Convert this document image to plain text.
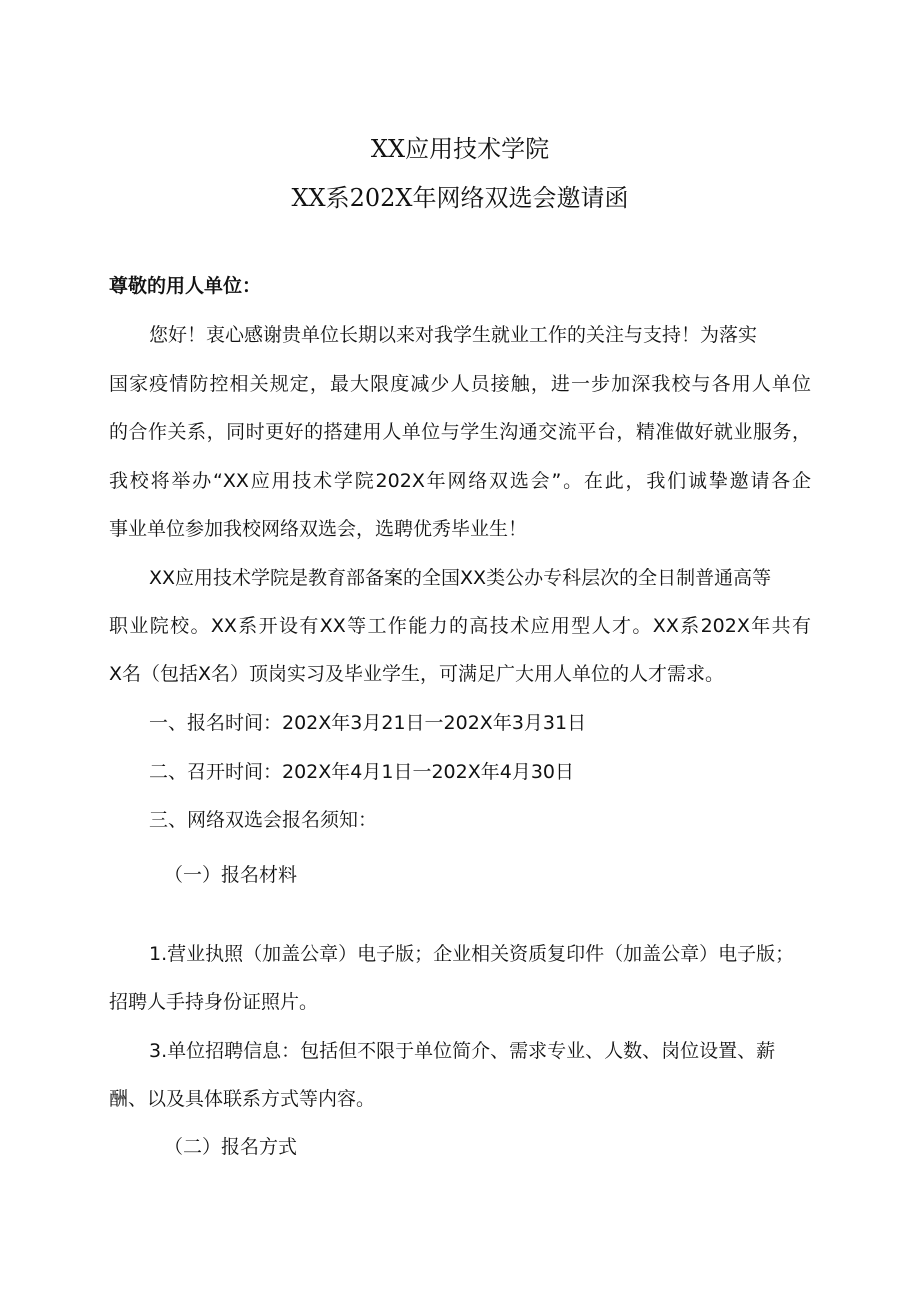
XX应用技术学院
XX系202X年网络双选会邀请函
尊敬的用人单位：
您好！衷心感谢贵单位长期以来对我学生就业工作的关注与支持！为落实
国家疫情防控相关规定，最大限度减少人员接触，进一步加深我校与各用人单位
的合作关系，同时更好的搭建用人单位与学生沟通交流平台，精准做好就业服务，
我校将举办“XX应用技术学院202X年网络双选会”。在此，我们诚挚邀请各企
事业单位参加我校网络双选会，选聘优秀毕业生！
XX应用技术学院是教育部备案的全国XX类公办专科层次的全日制普通高等
职业院校。XX系开设有XX等工作能力的高技术应用型人才。XX系202X年共有
X名（包括X名）顶岗实习及毕业学生，可满足广大用人单位的人才需求。
一、报名时间：202X年3月21日一202X年3月31日
二、召开时间：202X年4月1日一202X年4月30日
三、网络双选会报名须知：
（一）报名材料
1.营业执照（加盖公章）电子版；企业相关资质复印件（加盖公章）电子版；
招聘人手持身份证照片。
3.单位招聘信息：包括但不限于单位简介、需求专业、人数、岗位设置、薪
酬、以及具体联系方式等内容。
（二）报名方式
